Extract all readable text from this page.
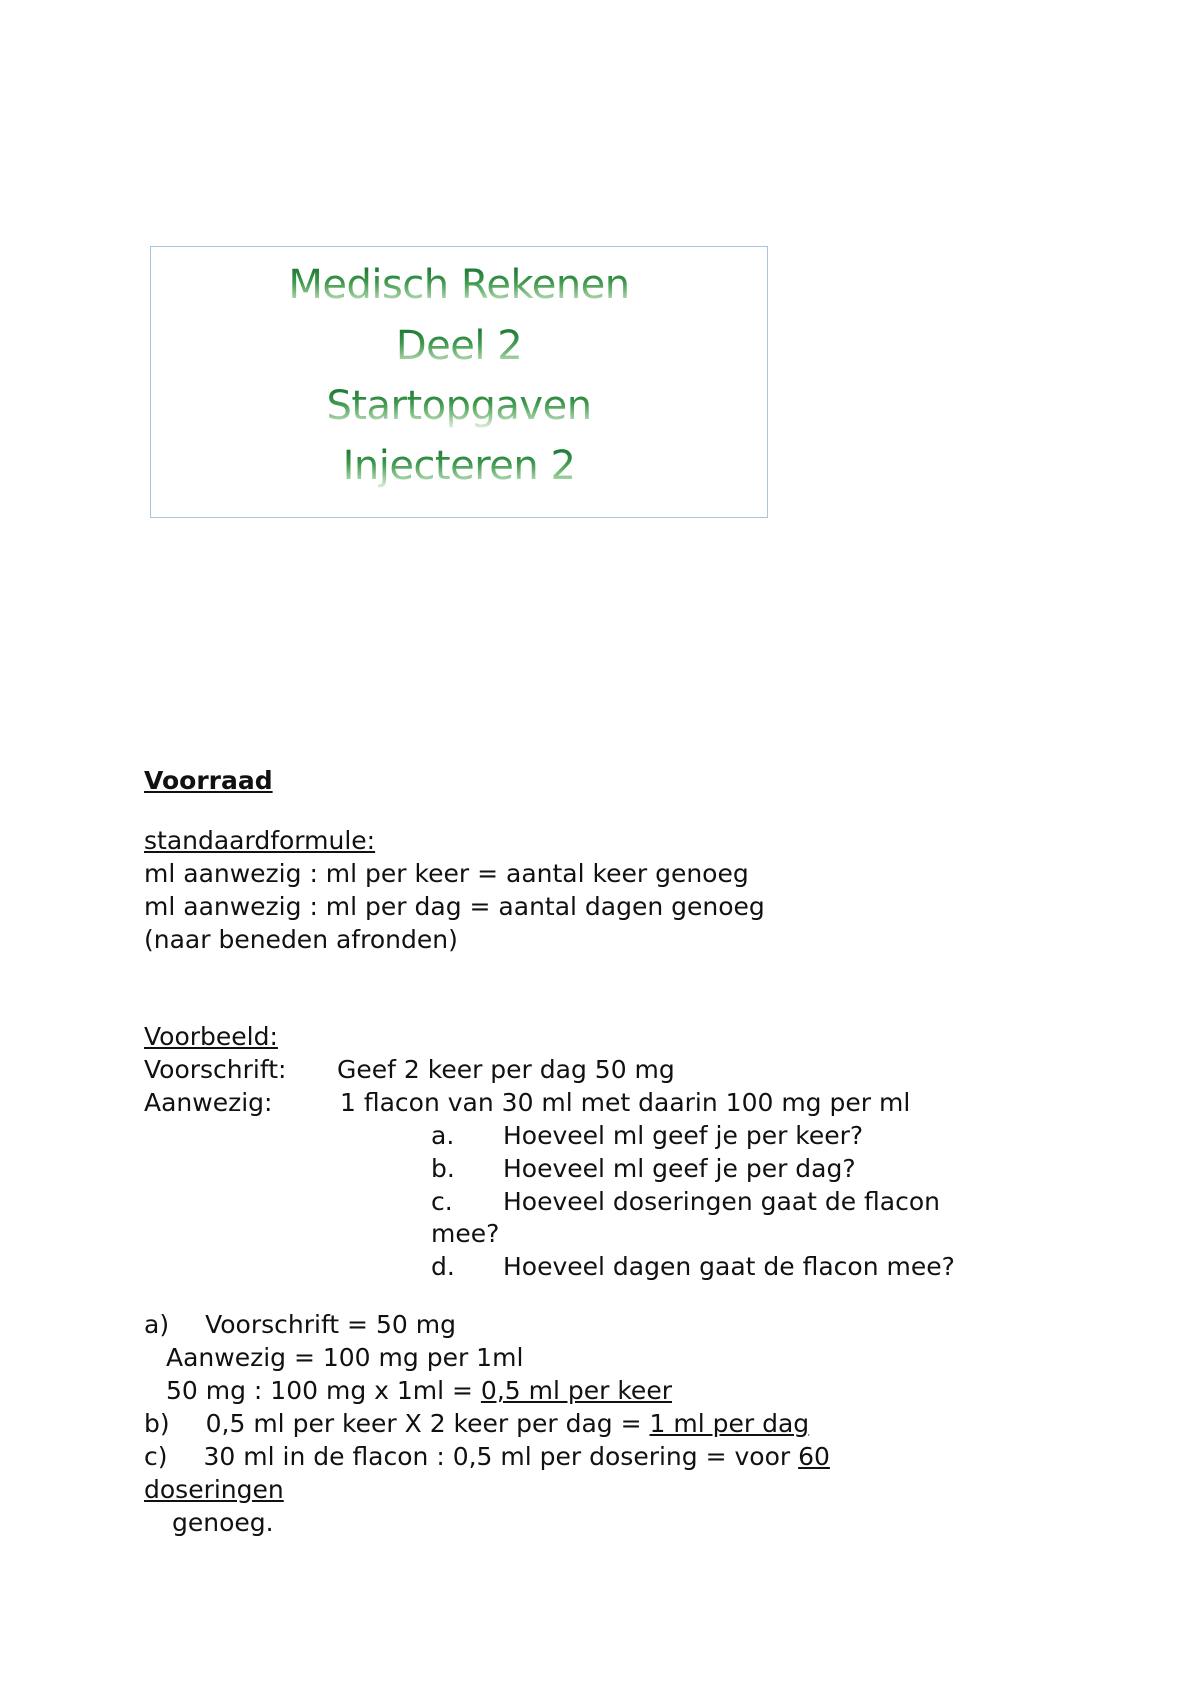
Medisch Rekenen
Deel 2
Startopgaven
Injecteren 2
Voorraad
standaardformule:
ml aanwezig : ml per keer = aantal keer genoeg
ml aanwezig : ml per dag = aantal dagen genoeg
(naar beneden afronden)
Voorbeeld:
Voorschrift: Geef 2 keer per dag 50 mg
Aanwezig:	1 flacon van 30 ml met daarin 100 mg per ml
a. Hoeveel ml geef je per keer?
b. Hoeveel ml geef je per dag?
c. Hoeveel doseringen gaat de flacon
mee?
d. Hoeveel dagen gaat de flacon mee?
a) Voorschrift = 50 mg
Aanwezig = 100 mg per 1ml
50 mg : 100 mg x 1ml = 0,5 ml per keer
b) 0,5 ml per keer X 2 keer per dag = 1 ml per dag
c) 30 ml in de flacon : 0,5 ml per dosering = voor 60
doseringen
genoeg.
